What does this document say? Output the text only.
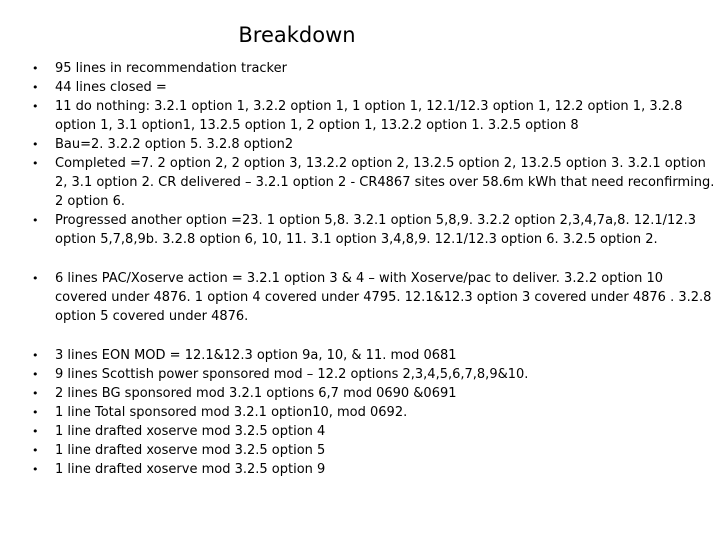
Breakdown
• 95 lines in recommendation tracker
• 44 lines closed =
• 11 do nothing: 3.2.1 option 1, 3.2.2 option 1, 1 option 1, 12.1/12.3 option 1, 12.2 option 1, 3.2.8
option 1, 3.1 option1, 13.2.5 option 1, 2 option 1, 13.2.2 option 1. 3.2.5 option 8
• Bau=2. 3.2.2 option 5. 3.2.8 option2
• Completed =7. 2 option 2, 2 option 3, 13.2.2 option 2, 13.2.5 option 2, 13.2.5 option 3. 3.2.1 option
2, 3.1 option 2. CR delivered – 3.2.1 option 2 - CR4867 sites over 58.6m kWh that need reconfirming.
2 option 6.
• Progressed another option =23. 1 option 5,8. 3.2.1 option 5,8,9. 3.2.2 option 2,3,4,7a,8. 12.1/12.3
option 5,7,8,9b. 3.2.8 option 6, 10, 11. 3.1 option 3,4,8,9. 12.1/12.3 option 6. 3.2.5 option 2.
• 6 lines PAC/Xoserve action = 3.2.1 option 3 & 4 – with Xoserve/pac to deliver. 3.2.2 option 10
covered under 4876. 1 option 4 covered under 4795. 12.1&12.3 option 3 covered under 4876 . 3.2.8
option 5 covered under 4876.
• 3 lines EON MOD = 12.1&12.3 option 9a, 10, & 11. mod 0681
• 9 lines Scottish power sponsored mod – 12.2 options 2,3,4,5,6,7,8,9&10.
• 2 lines BG sponsored mod 3.2.1 options 6,7 mod 0690 &0691
• 1 line Total sponsored mod 3.2.1 option10, mod 0692.
• 1 line drafted xoserve mod 3.2.5 option 4
• 1 line drafted xoserve mod 3.2.5 option 5
• 1 line drafted xoserve mod 3.2.5 option 9
